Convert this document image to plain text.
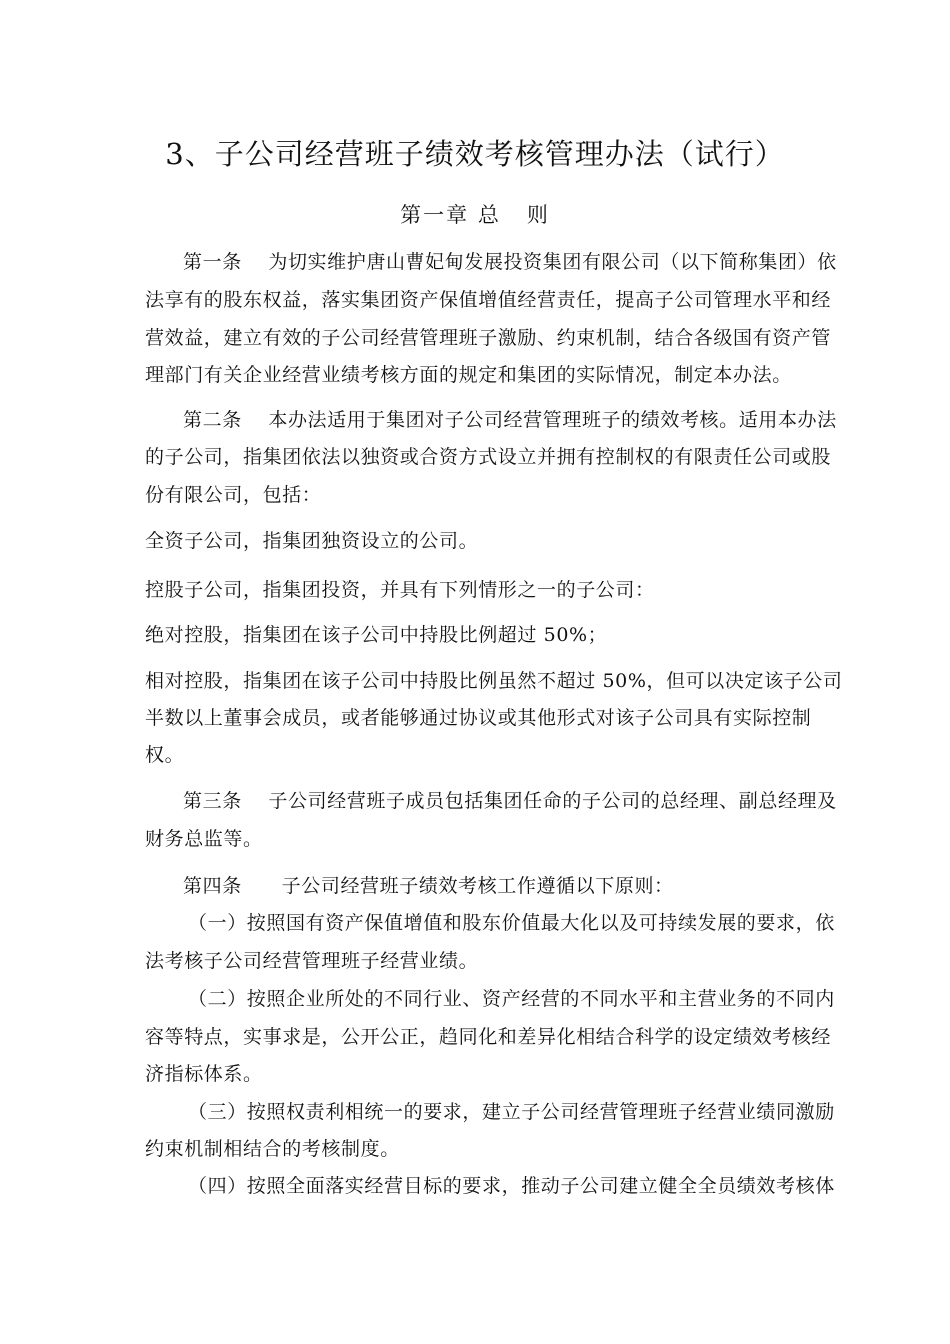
3、子公司经营班子绩效考核管理办法（试行）
第一章 总   则
第一条    为切实维护唐山曹妃甸发展投资集团有限公司（以下简称集团）依
法享有的股东权益，落实集团资产保值增值经营责任，提高子公司管理水平和经
营效益，建立有效的子公司经营管理班子激励、约束机制，结合各级国有资产管
理部门有关企业经营业绩考核方面的规定和集团的实际情况，制定本办法。
第二条    本办法适用于集团对子公司经营管理班子的绩效考核。适用本办法
的子公司，指集团依法以独资或合资方式设立并拥有控制权的有限责任公司或股
份有限公司，包括：
全资子公司，指集团独资设立的公司。
控股子公司，指集团投资，并具有下列情形之一的子公司：
绝对控股，指集团在该子公司中持股比例超过 50%；
相对控股，指集团在该子公司中持股比例虽然不超过 50%，但可以决定该子公司
半数以上董事会成员，或者能够通过协议或其他形式对该子公司具有实际控制
权。
第三条    子公司经营班子成员包括集团任命的子公司的总经理、副总经理及
财务总监等。
第四条      子公司经营班子绩效考核工作遵循以下原则：
（一）按照国有资产保值增值和股东价值最大化以及可持续发展的要求，依
法考核子公司经营管理班子经营业绩。
（二）按照企业所处的不同行业、资产经营的不同水平和主营业务的不同内
容等特点，实事求是，公开公正，趋同化和差异化相结合科学的设定绩效考核经
济指标体系。
（三）按照权责利相统一的要求，建立子公司经营管理班子经营业绩同激励
约束机制相结合的考核制度。
（四）按照全面落实经营目标的要求，推动子公司建立健全全员绩效考核体
